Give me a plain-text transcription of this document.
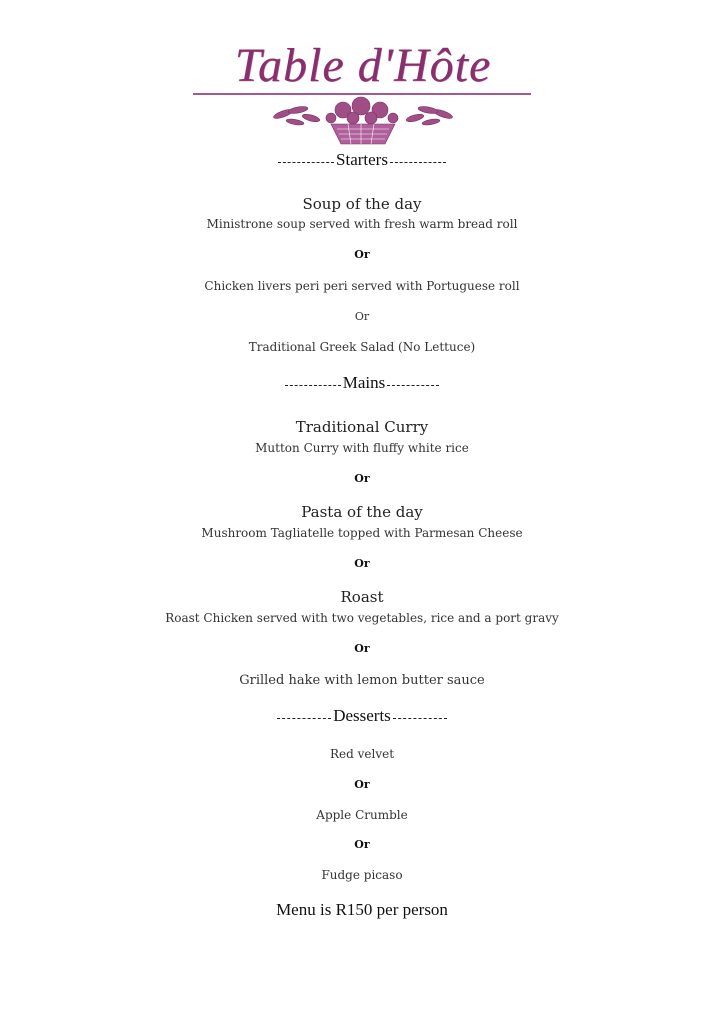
Table d'Hôte
Starters
Soup of the day
Ministrone soup served with fresh warm bread roll
Or
Chicken livers peri peri served with Portuguese roll
Or
Traditional Greek Salad (No Lettuce)
Mains
Traditional Curry
Mutton Curry with fluffy white rice
Or
Pasta of the day
Mushroom Tagliatelle topped with Parmesan Cheese
Or
Roast
Roast Chicken served with two vegetables, rice and a port gravy
Or
Grilled hake with lemon butter sauce
Desserts
Red velvet
Or
Apple Crumble
Or
Fudge picaso
Menu is R150 per person
